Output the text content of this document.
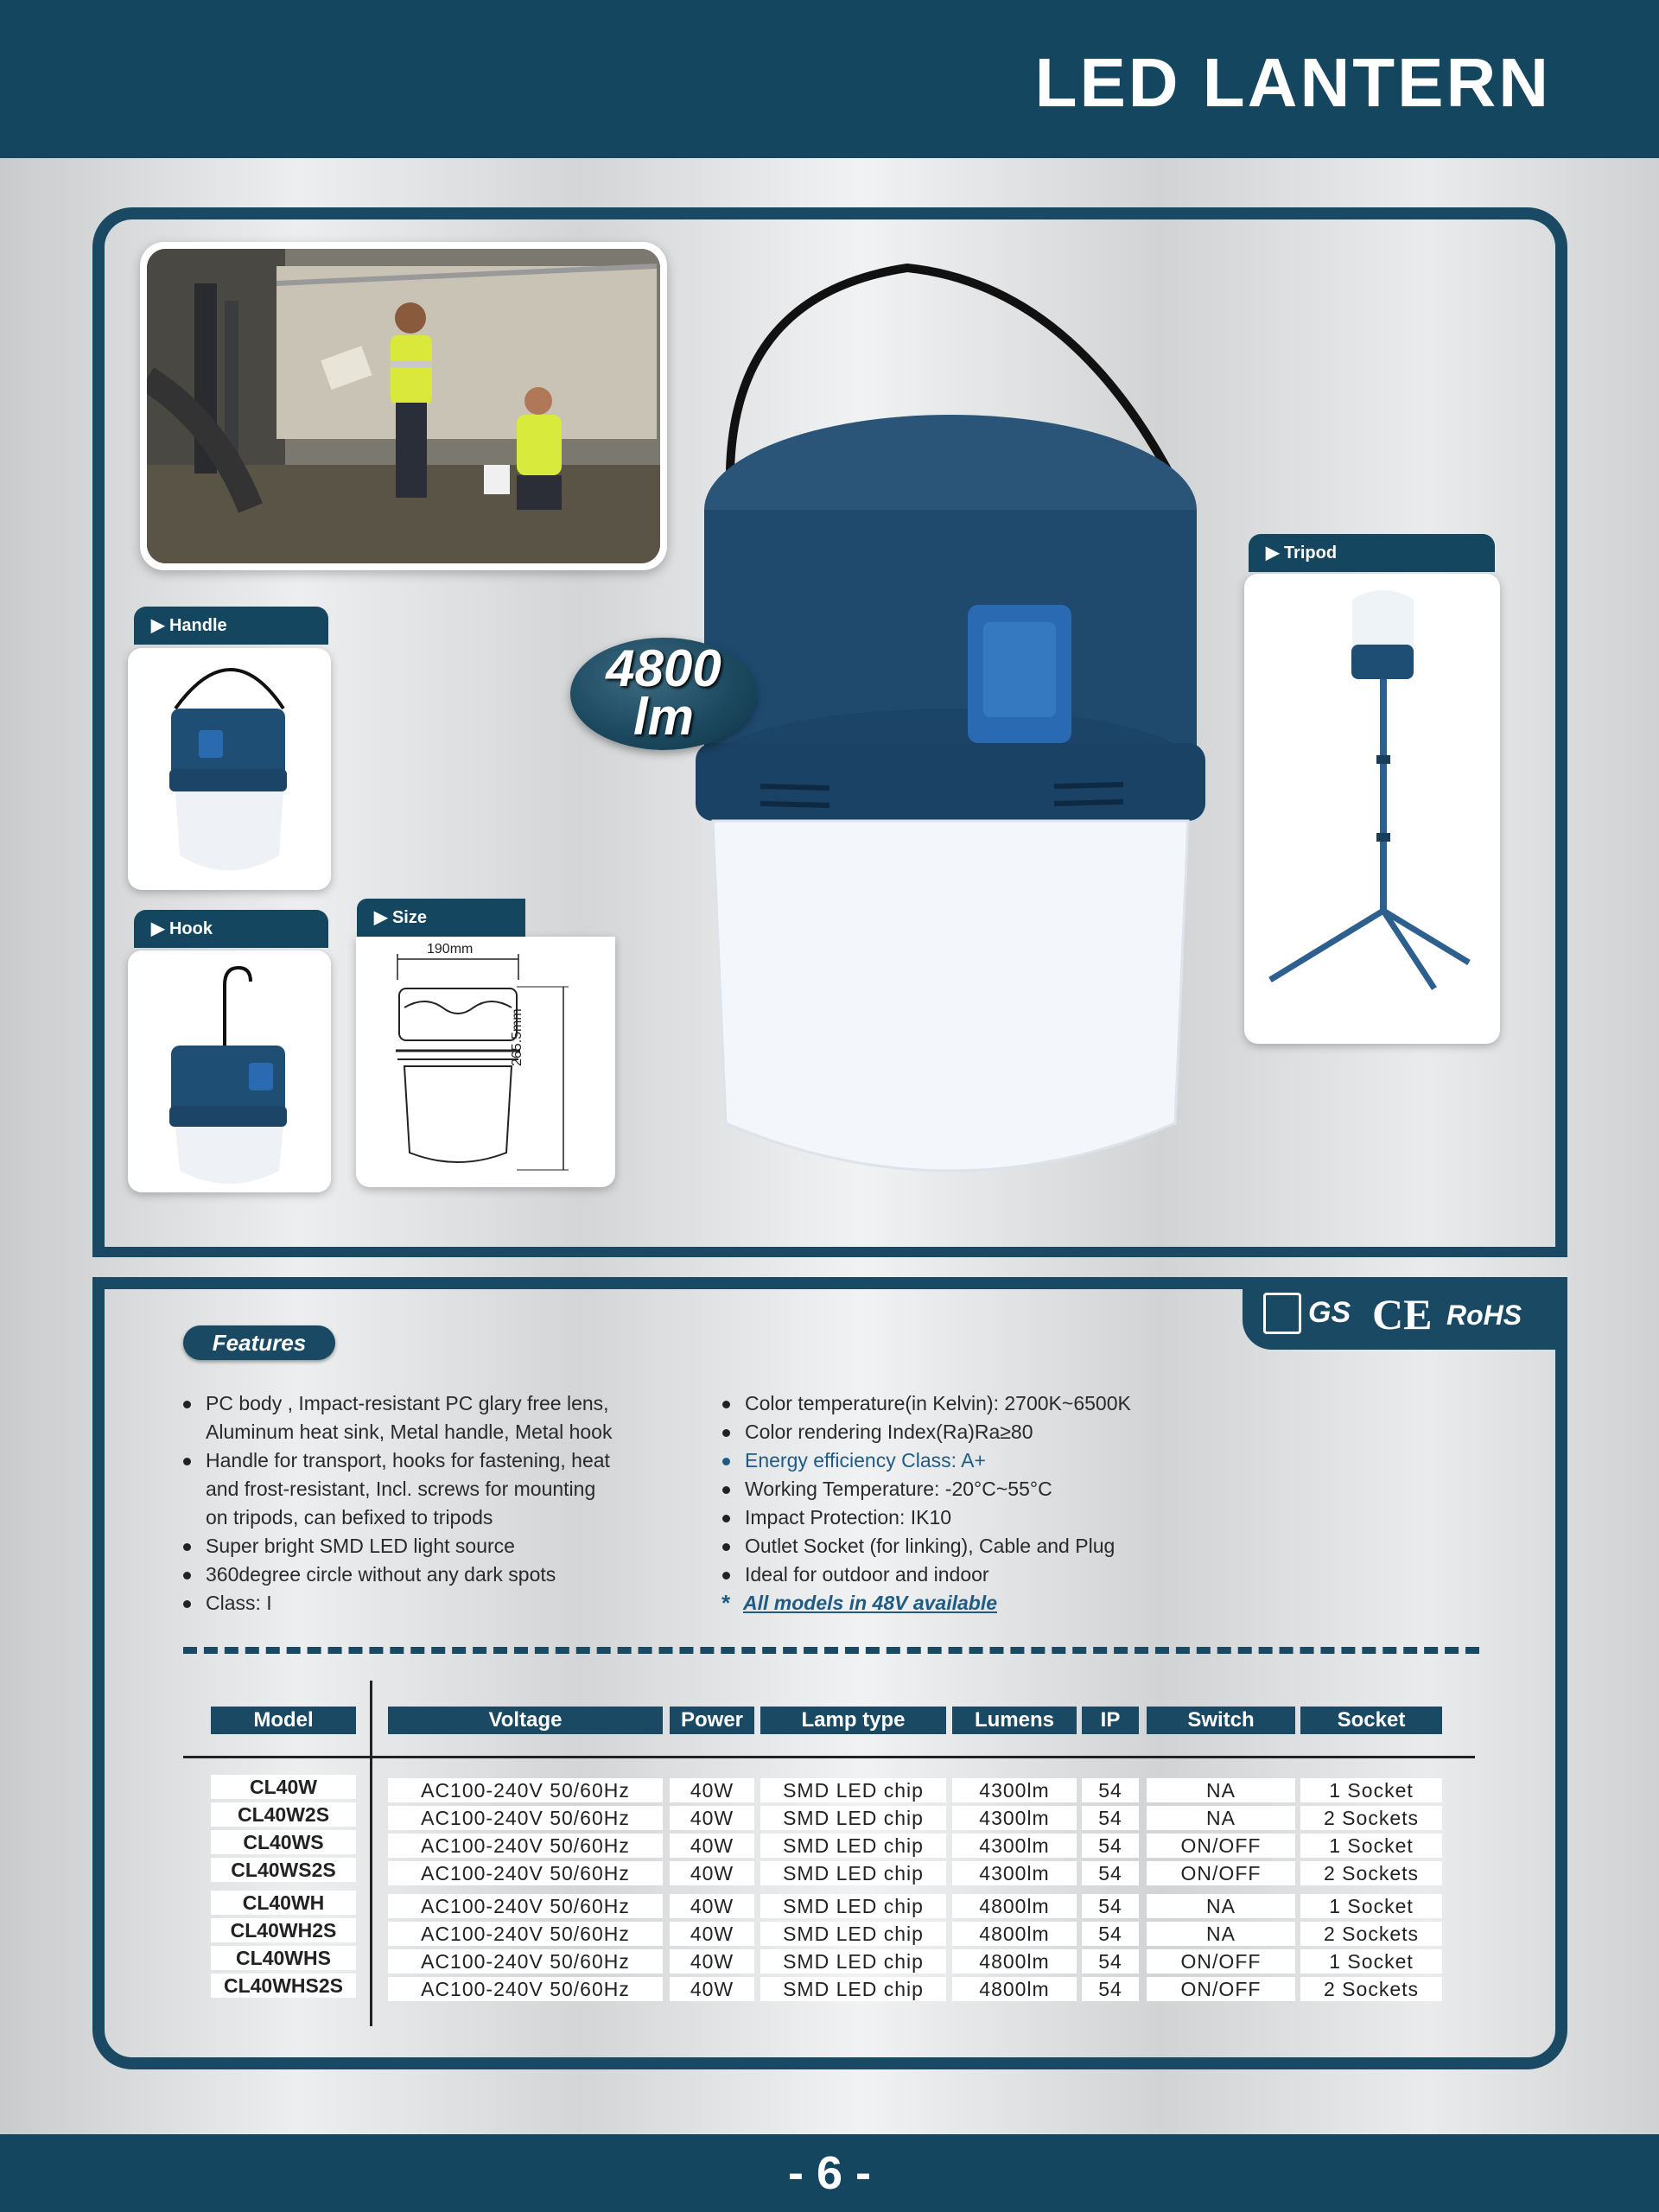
LED LANTERN
- 6 -
▶ Handle
▶ Hook
▶ Size
190mm
265.5mm
▶ Tripod
4800
lm
GS CE RoHS
Features
PC body , Impact-resistant PC glary free lens,
Aluminum heat sink, Metal handle, Metal hook
Handle for transport, hooks for fastening, heat
and frost-resistant, Incl. screws for mounting
on tripods, can befixed to tripods
Super bright SMD LED light source
360degree circle without any dark spots
Class: I
Color temperature(in Kelvin): 2700K~6500K
Color rendering Index(Ra)Ra≥80
Energy efficiency Class: A+
Working Temperature: -20°C~55°C
Impact Protection: IK10
Outlet Socket (for linking), Cable and Plug
Ideal for outdoor and indoor
* All models in 48V available
Model	Voltage	Power	Lamp type	Lumens	IP	Switch	Socket
CL40W	AC100-240V 50/60Hz	40W	SMD LED chip	4300lm	54	NA	1 Socket
CL40W2S	AC100-240V 50/60Hz	40W	SMD LED chip	4300lm	54	NA	2 Sockets
CL40WS	AC100-240V 50/60Hz	40W	SMD LED chip	4300lm	54	ON/OFF	1 Socket
CL40WS2S	AC100-240V 50/60Hz	40W	SMD LED chip	4300lm	54	ON/OFF	2 Sockets
CL40WH	AC100-240V 50/60Hz	40W	SMD LED chip	4800lm	54	NA	1 Socket
CL40WH2S	AC100-240V 50/60Hz	40W	SMD LED chip	4800lm	54	NA	2 Sockets
CL40WHS	AC100-240V 50/60Hz	40W	SMD LED chip	4800lm	54	ON/OFF	1 Socket
CL40WHS2S	AC100-240V 50/60Hz	40W	SMD LED chip	4800lm	54	ON/OFF	2 Sockets
